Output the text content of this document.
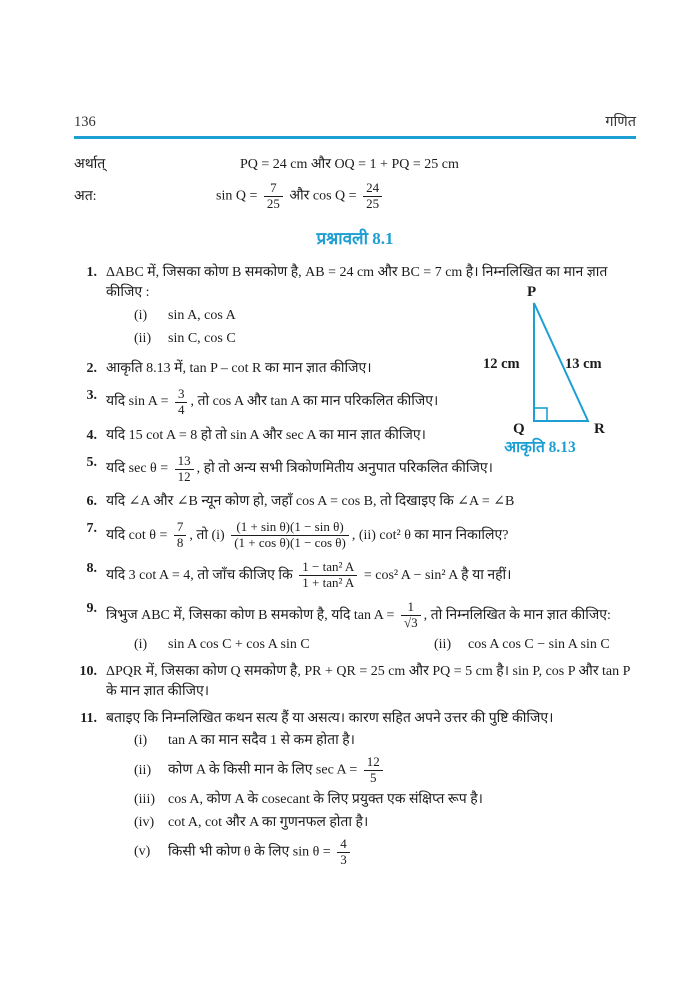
136	गणित
अर्थात्	PQ = 24 cm और OQ = 1 + PQ = 25 cm
अत:	$\sin Q = \frac{7}{25}$ और $\cos Q = \frac{24}{25}$
प्रश्नावली 8.1
1. ΔABC में, जिसका कोण B समकोण है, AB = 24 cm और BC = 7 cm है। निम्नलिखित का मान ज्ञात कीजिए :
(i)	sin A, cos A
(ii)	sin C, cos C
2. आकृति 8.13 में, tan P – cot R का मान ज्ञात कीजिए।
3. यदि $\sin A = \frac{3}{4}$ , तो cos A और tan A का मान परिकलित कीजिए।
4. यदि 15 cot A = 8 हो तो sin A और sec A का मान ज्ञात कीजिए।
5. यदि $\sec \theta = \frac{13}{12}$ , हो तो अन्य सभी त्रिकोणमितीय अनुपात परिकलित कीजिए।
6. यदि ∠A और ∠B न्यून कोण हो, जहाँ cos A = cos B, तो दिखाइए कि ∠A = ∠B
7. यदि $\cot \theta = \frac{7}{8}$ , तो $(i) \frac{\text{(1 + sin θ)(1 − sin θ)}}{\text{(1 + cos θ)(1 − cos θ)}}$ , (ii) cot² θ का मान निकालिए?
8. यदि 3 cot A = 4, तो जाँच कीजिए कि $\frac{\text{1 − tan² A}}{\text{1 + tan² A}} = \cos^2$ A − sin² A है या नहीं।
9. त्रिभुज ABC में, जिसका कोण B समकोण है, यदि $\tan A = \frac{1}{√3}$ , तो निम्नलिखित के मान ज्ञात कीजिए:
(i)	sin A cos C + cos A sin C	(ii)	cos A cos C − sin A sin C
10. ΔPQR में, जिसका कोण Q समकोण है, PR + QR = 25 cm और PQ = 5 cm है। sin P, cos P और tan P के मान ज्ञात कीजिए।
11. बताइए कि निम्नलिखित कथन सत्य हैं या असत्य। कारण सहित अपने उत्तर की पुष्टि कीजिए।
(i)	tan A का मान सदैव 1 से कम होता है।
(ii)	कोण A के किसी मान के लिए $\sec A = \frac{12}{5}$
(iii) cos A, कोण A के cosecant के लिए प्रयुक्त एक संक्षिप्त रूप है।
(iv) cot A, cot और A का गुणनफल होता है।
(v)	किसी भी कोण θ के लिए $\sin \theta = \frac{4}{3}$
P
Q	R
12 cm	13 cm
आकृति 8.13
